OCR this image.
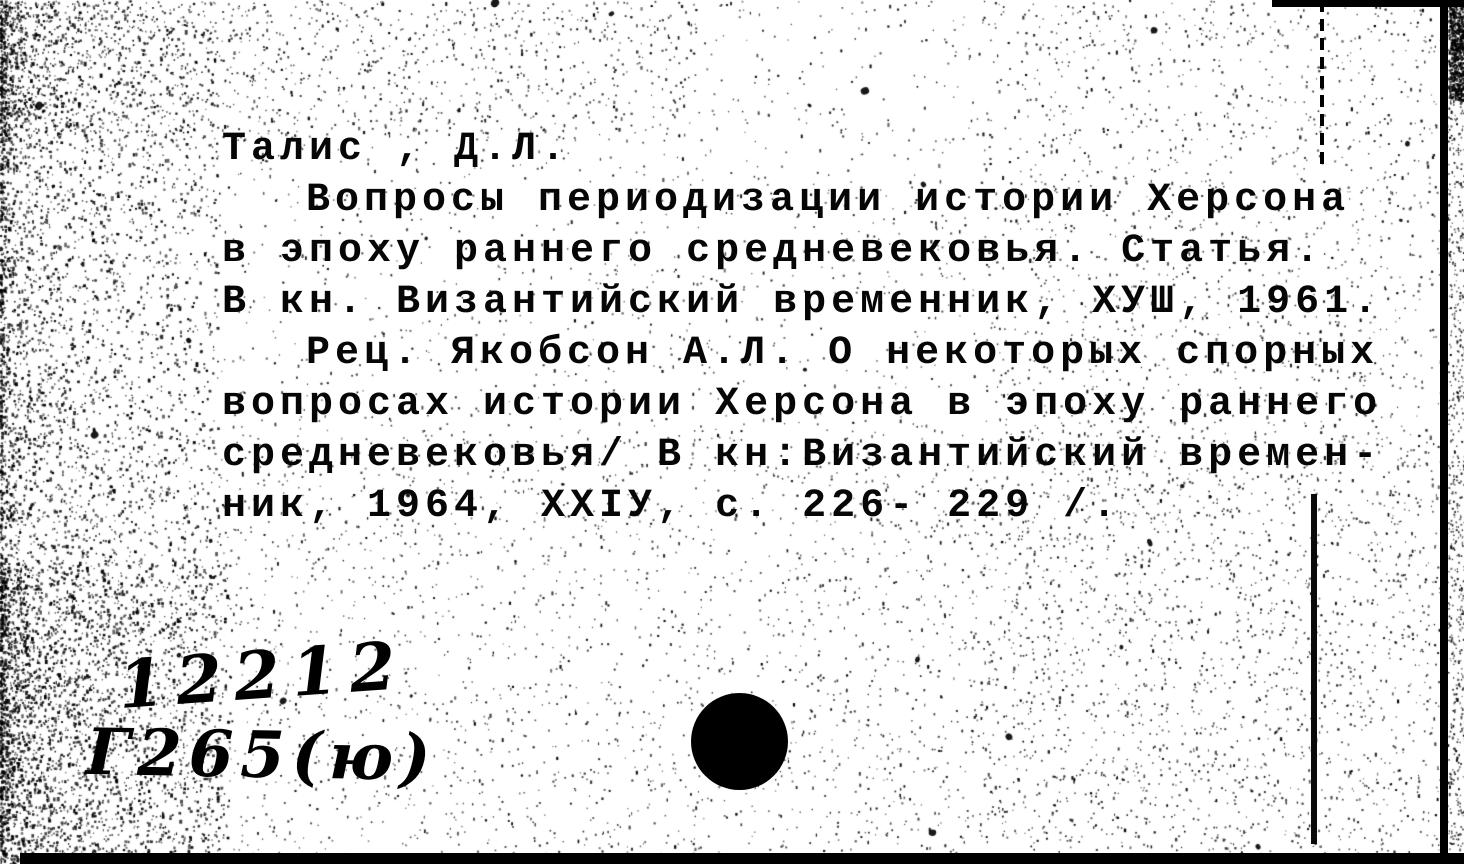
Талис , Д.Л.
Вопросы периодизации истории Херсона
в эпоху раннего средневековья. Статья.
В кн. Византийский временник, ХУШ, 1961.
Рец. Якобсон А.Л. О некоторых спорных
вопросах истории Херсона в эпоху раннего
средневековья/ В кн:Византийский времен-
ник, 1964, ХХIУ, с. 226- 229 /.
12212
Г265(ю)
